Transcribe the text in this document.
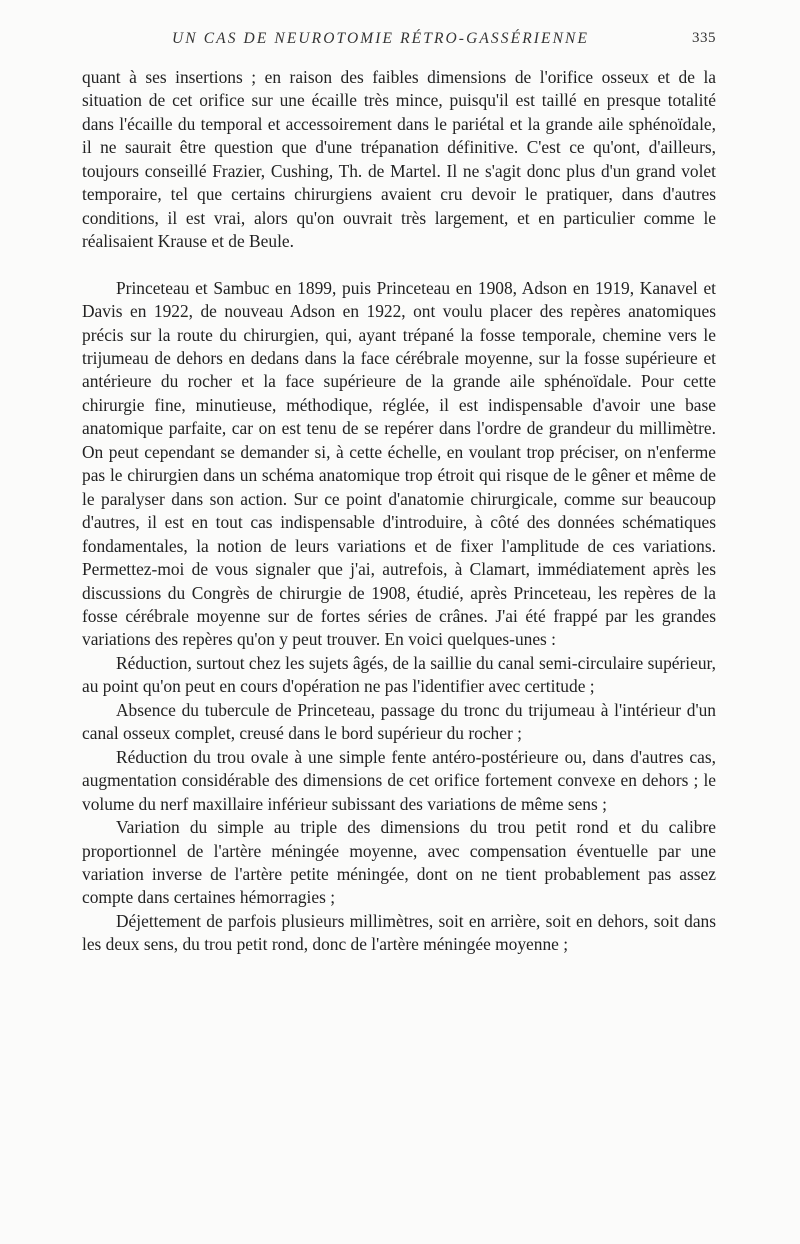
UN CAS DE NEUROTOMIE RÉTRO-GASSÉRIENNE	335

quant à ses insertions ; en raison des faibles dimensions de l'orifice osseux et de la situation de cet orifice sur une écaille très mince, puisqu'il est taillé en presque totalité dans l'écaille du temporal et accessoirement dans le pariétal et la grande aile sphénoïdale, il ne saurait être question que d'une trépanation définitive. C'est ce qu'ont, d'ailleurs, toujours conseillé Frazier, Cushing, Th. de Martel. Il ne s'agit donc plus d'un grand volet temporaire, tel que certains chirurgiens avaient cru devoir le pratiquer, dans d'autres conditions, il est vrai, alors qu'on ouvrait très largement, et en particulier comme le réalisaient Krause et de Beule.

Princeteau et Sambuc en 1899, puis Princeteau en 1908, Adson en 1919, Kanavel et Davis en 1922, de nouveau Adson en 1922, ont voulu placer des repères anatomiques précis sur la route du chirurgien, qui, ayant trépané la fosse temporale, chemine vers le trijumeau de dehors en dedans dans la face cérébrale moyenne, sur la fosse supérieure et antérieure du rocher et la face supérieure de la grande aile sphénoïdale. Pour cette chirurgie fine, minutieuse, méthodique, réglée, il est indispensable d'avoir une base anatomique parfaite, car on est tenu de se repérer dans l'ordre de grandeur du millimètre. On peut cependant se demander si, à cette échelle, en voulant trop préciser, on n'enferme pas le chirurgien dans un schéma anatomique trop étroit qui risque de le gêner et même de le paralyser dans son action. Sur ce point d'anatomie chirurgicale, comme sur beaucoup d'autres, il est en tout cas indispensable d'introduire, à côté des données schématiques fondamentales, la notion de leurs variations et de fixer l'amplitude de ces variations. Permettez-moi de vous signaler que j'ai, autrefois, à Clamart, immédiatement après les discussions du Congrès de chirurgie de 1908, étudié, après Princeteau, les repères de la fosse cérébrale moyenne sur de fortes séries de crânes. J'ai été frappé par les grandes variations des repères qu'on y peut trouver. En voici quelques-unes :

Réduction, surtout chez les sujets âgés, de la saillie du canal semi-circulaire supérieur, au point qu'on peut en cours d'opération ne pas l'identifier avec certitude ;

Absence du tubercule de Princeteau, passage du tronc du trijumeau à l'intérieur d'un canal osseux complet, creusé dans le bord supérieur du rocher ;

Réduction du trou ovale à une simple fente antéro-postérieure ou, dans d'autres cas, augmentation considérable des dimensions de cet orifice fortement convexe en dehors ; le volume du nerf maxillaire inférieur subissant des variations de même sens ;

Variation du simple au triple des dimensions du trou petit rond et du calibre proportionnel de l'artère méningée moyenne, avec compensation éventuelle par une variation inverse de l'artère petite méningée, dont on ne tient probablement pas assez compte dans certaines hémorragies ;

Déjettement de parfois plusieurs millimètres, soit en arrière, soit en dehors, soit dans les deux sens, du trou petit rond, donc de l'artère méningée moyenne ;
